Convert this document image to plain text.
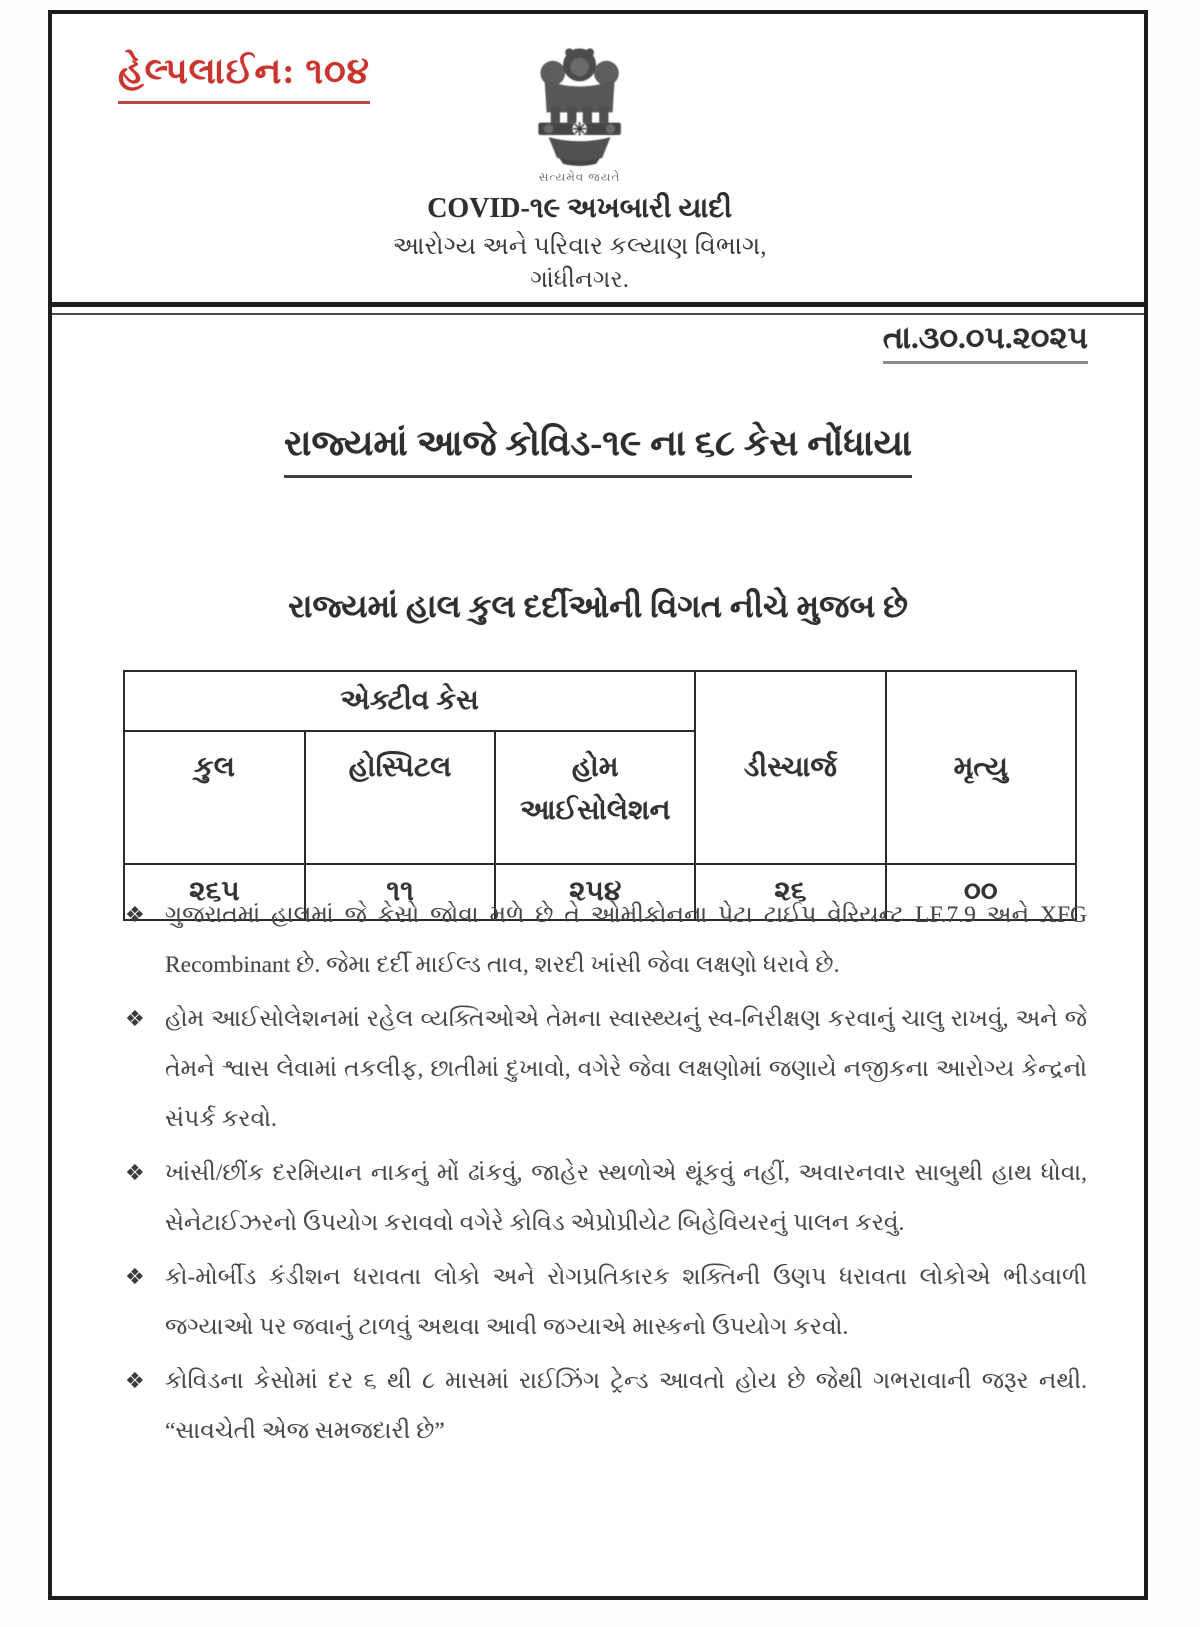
હેલ્પલાઈન: ૧૦૪
સત્યમેવ જયતે
COVID-૧૯ અખબારી યાદી
આરોગ્ય અને પરિવાર કલ્યાણ વિભાગ,
ગાંધીનગર.
તા.૩૦.૦૫.૨૦૨૫
રાજ્યમાં આજે કોવિડ-૧૯ ના ૬૮ કેસ નોંધાયા
રાજ્યમાં હાલ કુલ દર્દીઓની વિગત નીચે મુજબ છે
એક્ટીવ કેસ			ડીસ્ચાર્જ	મૃત્યુ
કુલ	હોસ્પિટલ	હોમ આઈસોલેશન		
૨૬૫	૧૧	૨૫૪	૨૬	૦૦
❖ ગુજરાતમાં હાલમાં જે કેસો જોવા મળે છે તે ઓમીકોનના પેટા ટાઈપ વેરિયન્ટ LF.7.9 અને XFG Recombinant છે. જેમા દર્દી માઈલ્ડ તાવ, શરદી ખાંસી જેવા લક્ષણો ધરાવે છે.
❖ હોમ આઈસોલેશનમાં રહેલ વ્યક્તિઓએ તેમના સ્વાસ્થ્યનું સ્વ-નિરીક્ષણ કરવાનું ચાલુ રાખવું, અને જે તેમને શ્વાસ લેવામાં તકલીફ, છાતીમાં દુખાવો, વગેરે જેવા લક્ષણોમાં જણાયે નજીકના આરોગ્ય કેન્દ્રનો સંપર્ક કરવો.
❖ ખાંસી/છીંક દરમિયાન નાકનું મોં ઢાંકવું, જાહેર સ્થળોએ થૂંકવું નહીં, અવારનવાર સાબુથી હાથ ધોવા, સેનેટાઈઝરનો ઉપયોગ કરાવવો વગેરે કોવિડ એપ્રોપ્રીયેટ બિહેવિયરનું પાલન કરવું.
❖ કો-મોર્બીડ કંડીશન ધરાવતા લોકો અને રોગપ્રતિકારક શક્તિની ઉણપ ધરાવતા લોકોએ ભીડવાળી જગ્યાઓ પર જવાનું ટાળવું અથવા આવી જગ્યાએ માસ્કનો ઉપયોગ કરવો.
❖ કોવિડના કેસોમાં દર ૬ થી ૮ માસમાં રાઈઝિંગ ટ્રેન્ડ આવતો હોય છે જેથી ગભરાવાની જરૂર નથી. “સાવચેતી એજ સમજદારી છે”
